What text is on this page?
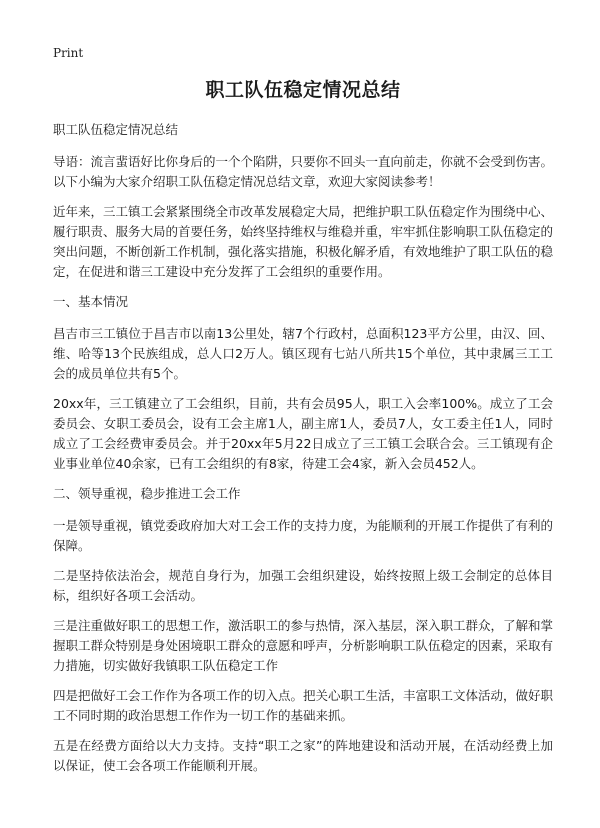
Print
职工队伍稳定情况总结
职工队伍稳定情况总结
导语：流言蜚语好比你身后的一个个陷阱，只要你不回头一直向前走，你就不会受到伤害。以下小编为大家介绍职工队伍稳定情况总结文章，欢迎大家阅读参考！
近年来，三工镇工会紧紧围绕全市改革发展稳定大局，把维护职工队伍稳定作为围绕中心、履行职责、服务大局的首要任务，始终坚持维权与维稳并重，牢牢抓住影响职工队伍稳定的突出问题，不断创新工作机制，强化落实措施，积极化解矛盾，有效地维护了职工队伍的稳定，在促进和谐三工建设中充分发挥了工会组织的重要作用。
一、基本情况
昌吉市三工镇位于昌吉市以南13公里处，辖7个行政村，总面积123平方公里，由汉、回、维、哈等13个民族组成，总人口2万人。镇区现有七站八所共15个单位，其中隶属三工工会的成员单位共有5个。
20xx年，三工镇建立了工会组织，目前，共有会员95人，职工入会率100%。成立了工会委员会、女职工委员会，设有工会主席1人，副主席1人，委员7人，女工委主任1人，同时成立了工会经费审委员会。并于20xx年5月22日成立了三工镇工会联合会。三工镇现有企业事业单位40余家，已有工会组织的有8家，待建工会4家，新入会员452人。
二、领导重视，稳步推进工会工作
一是领导重视，镇党委政府加大对工会工作的支持力度，为能顺利的开展工作提供了有利的保障。
二是坚持依法治会，规范自身行为，加强工会组织建设，始终按照上级工会制定的总体目标，组织好各项工会活动。
三是注重做好职工的思想工作，激活职工的参与热情，深入基层，深入职工群众，了解和掌握职工群众特别是身处困境职工群众的意愿和呼声，分析影响职工队伍稳定的因素，采取有力措施，切实做好我镇职工队伍稳定工作
四是把做好工会工作作为各项工作的切入点。把关心职工生活，丰富职工文体活动，做好职工不同时期的政治思想工作作为一切工作的基础来抓。
五是在经费方面给以大力支持。支持“职工之家”的阵地建设和活动开展，在活动经费上加以保证，使工会各项工作能顺利开展。
